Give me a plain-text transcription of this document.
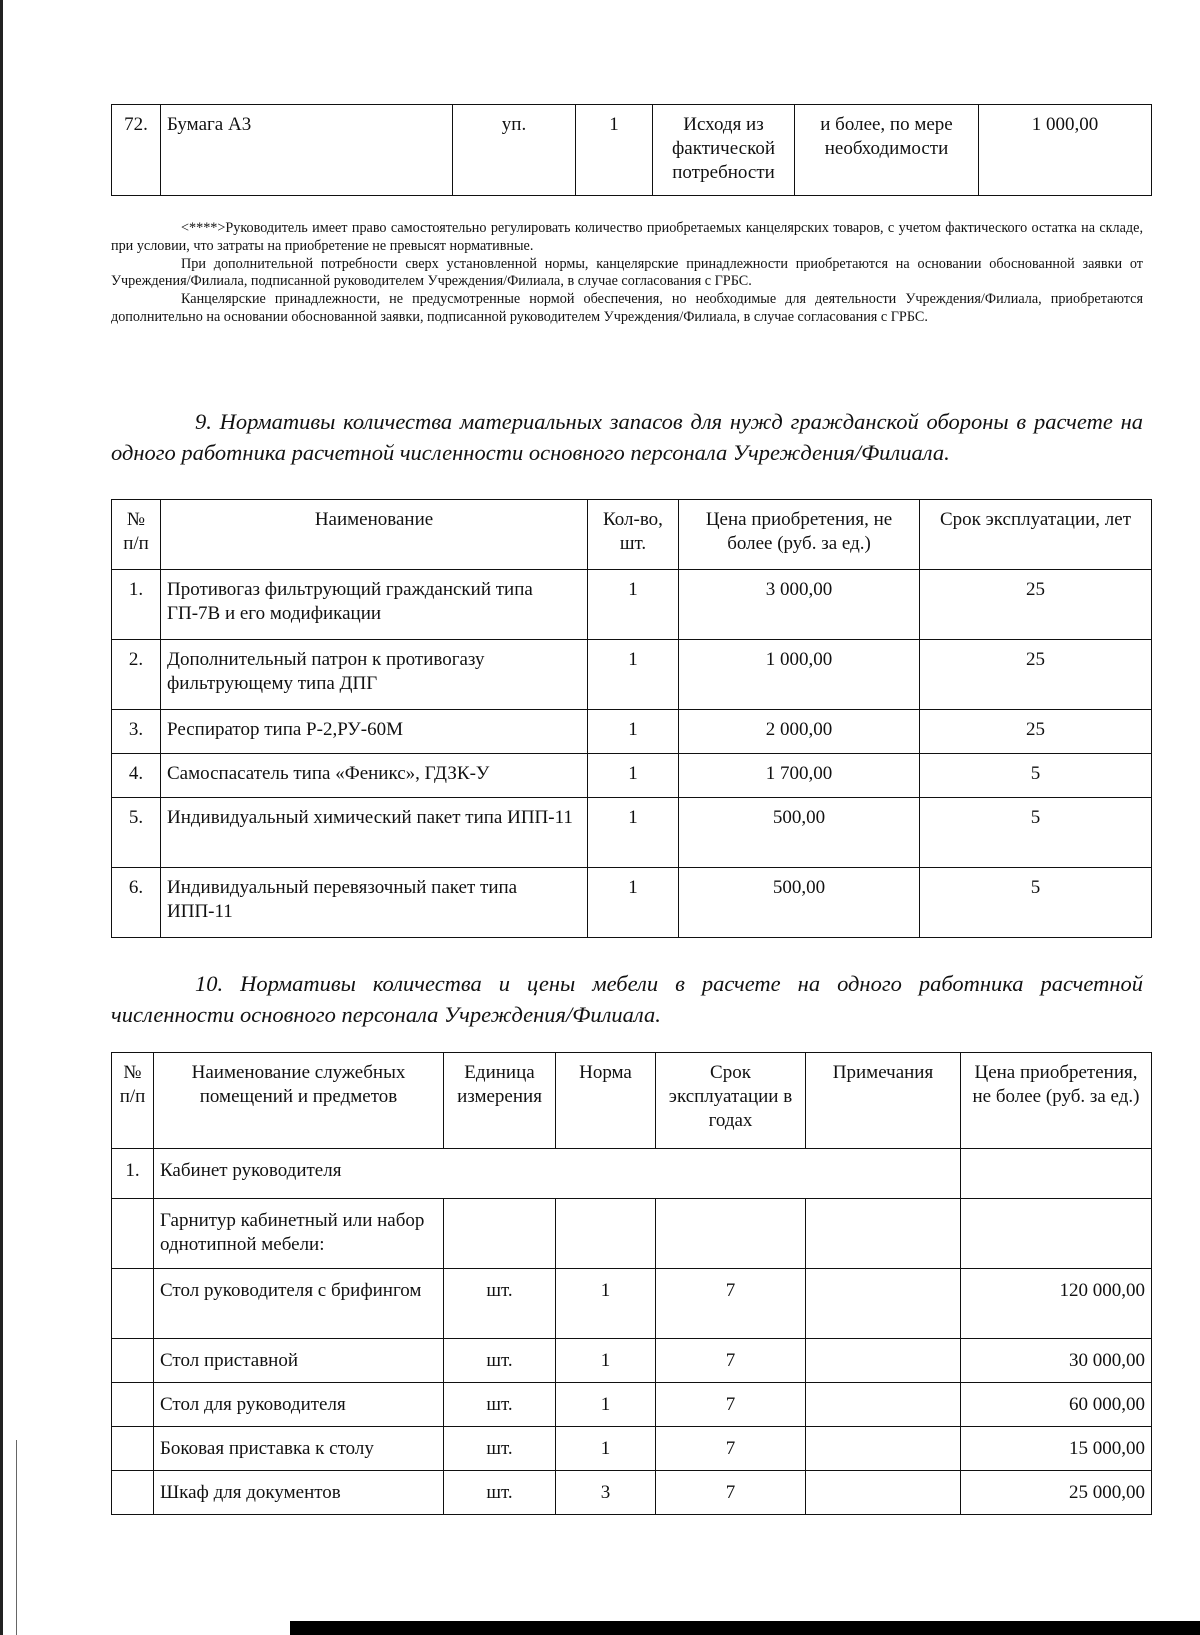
72.	Бумага А3	уп.	1	Исходя из фактической потребности	и более, по мере необходимости	1 000,00

<****>Руководитель имеет право самостоятельно регулировать количество приобретаемых канцелярских товаров, с учетом фактического остатка на складе, при условии, что затраты на приобретение не превысят нормативные.

При дополнительной потребности сверх установленной нормы, канцелярские принадлежности приобретаются на основании обоснованной заявки от Учреждения/Филиала, подписанной руководителем Учреждения/Филиала, в случае согласования с ГРБС.

Канцелярские принадлежности, не предусмотренные нормой обеспечения, но необходимые для деятельности Учреждения/Филиала, приобретаются дополнительно на основании обоснованной заявки, подписанной руководителем Учреждения/Филиала, в случае согласования с ГРБС.

9. Нормативы количества материальных запасов для нужд гражданской обороны в расчете на одного работника расчетной численности основного персонала Учреждения/Филиала.

№ п/п	Наименование	Кол-во, шт.	Цена приобретения, не более (руб. за ед.)	Срок эксплуатации, лет
1.	Противогаз фильтрующий гражданский типа ГП-7В и его модификации	1	3 000,00	25
2.	Дополнительный патрон к противогазу фильтрующему типа ДПГ	1	1 000,00	25
3.	Респиратор типа Р-2,РУ-60М	1	2 000,00	25
4.	Самоспасатель типа «Феникс», ГДЗК-У	1	1 700,00	5
5.	Индивидуальный химический пакет типа ИПП-11	1	500,00	5
6.	Индивидуальный перевязочный пакет типа ИПП-11	1	500,00	5

10. Нормативы количества и цены мебели в расчете на одного работника расчетной численности основного персонала Учреждения/Филиала.

№ п/п	Наименование служебных помещений и предметов	Единица измерения	Норма	Срок эксплуатации в годах	Примечания	Цена приобретения, не более (руб. за ед.)
1.	Кабинет руководителя					
	Гарнитур кабинетный или набор однотипной мебели:					
	Стол руководителя с брифингом	шт.	1	7		120 000,00
	Стол приставной	шт.	1	7		30 000,00
	Стол для руководителя	шт.	1	7		60 000,00
	Боковая приставка к столу	шт.	1	7		15 000,00
	Шкаф для документов	шт.	3	7		25 000,00
